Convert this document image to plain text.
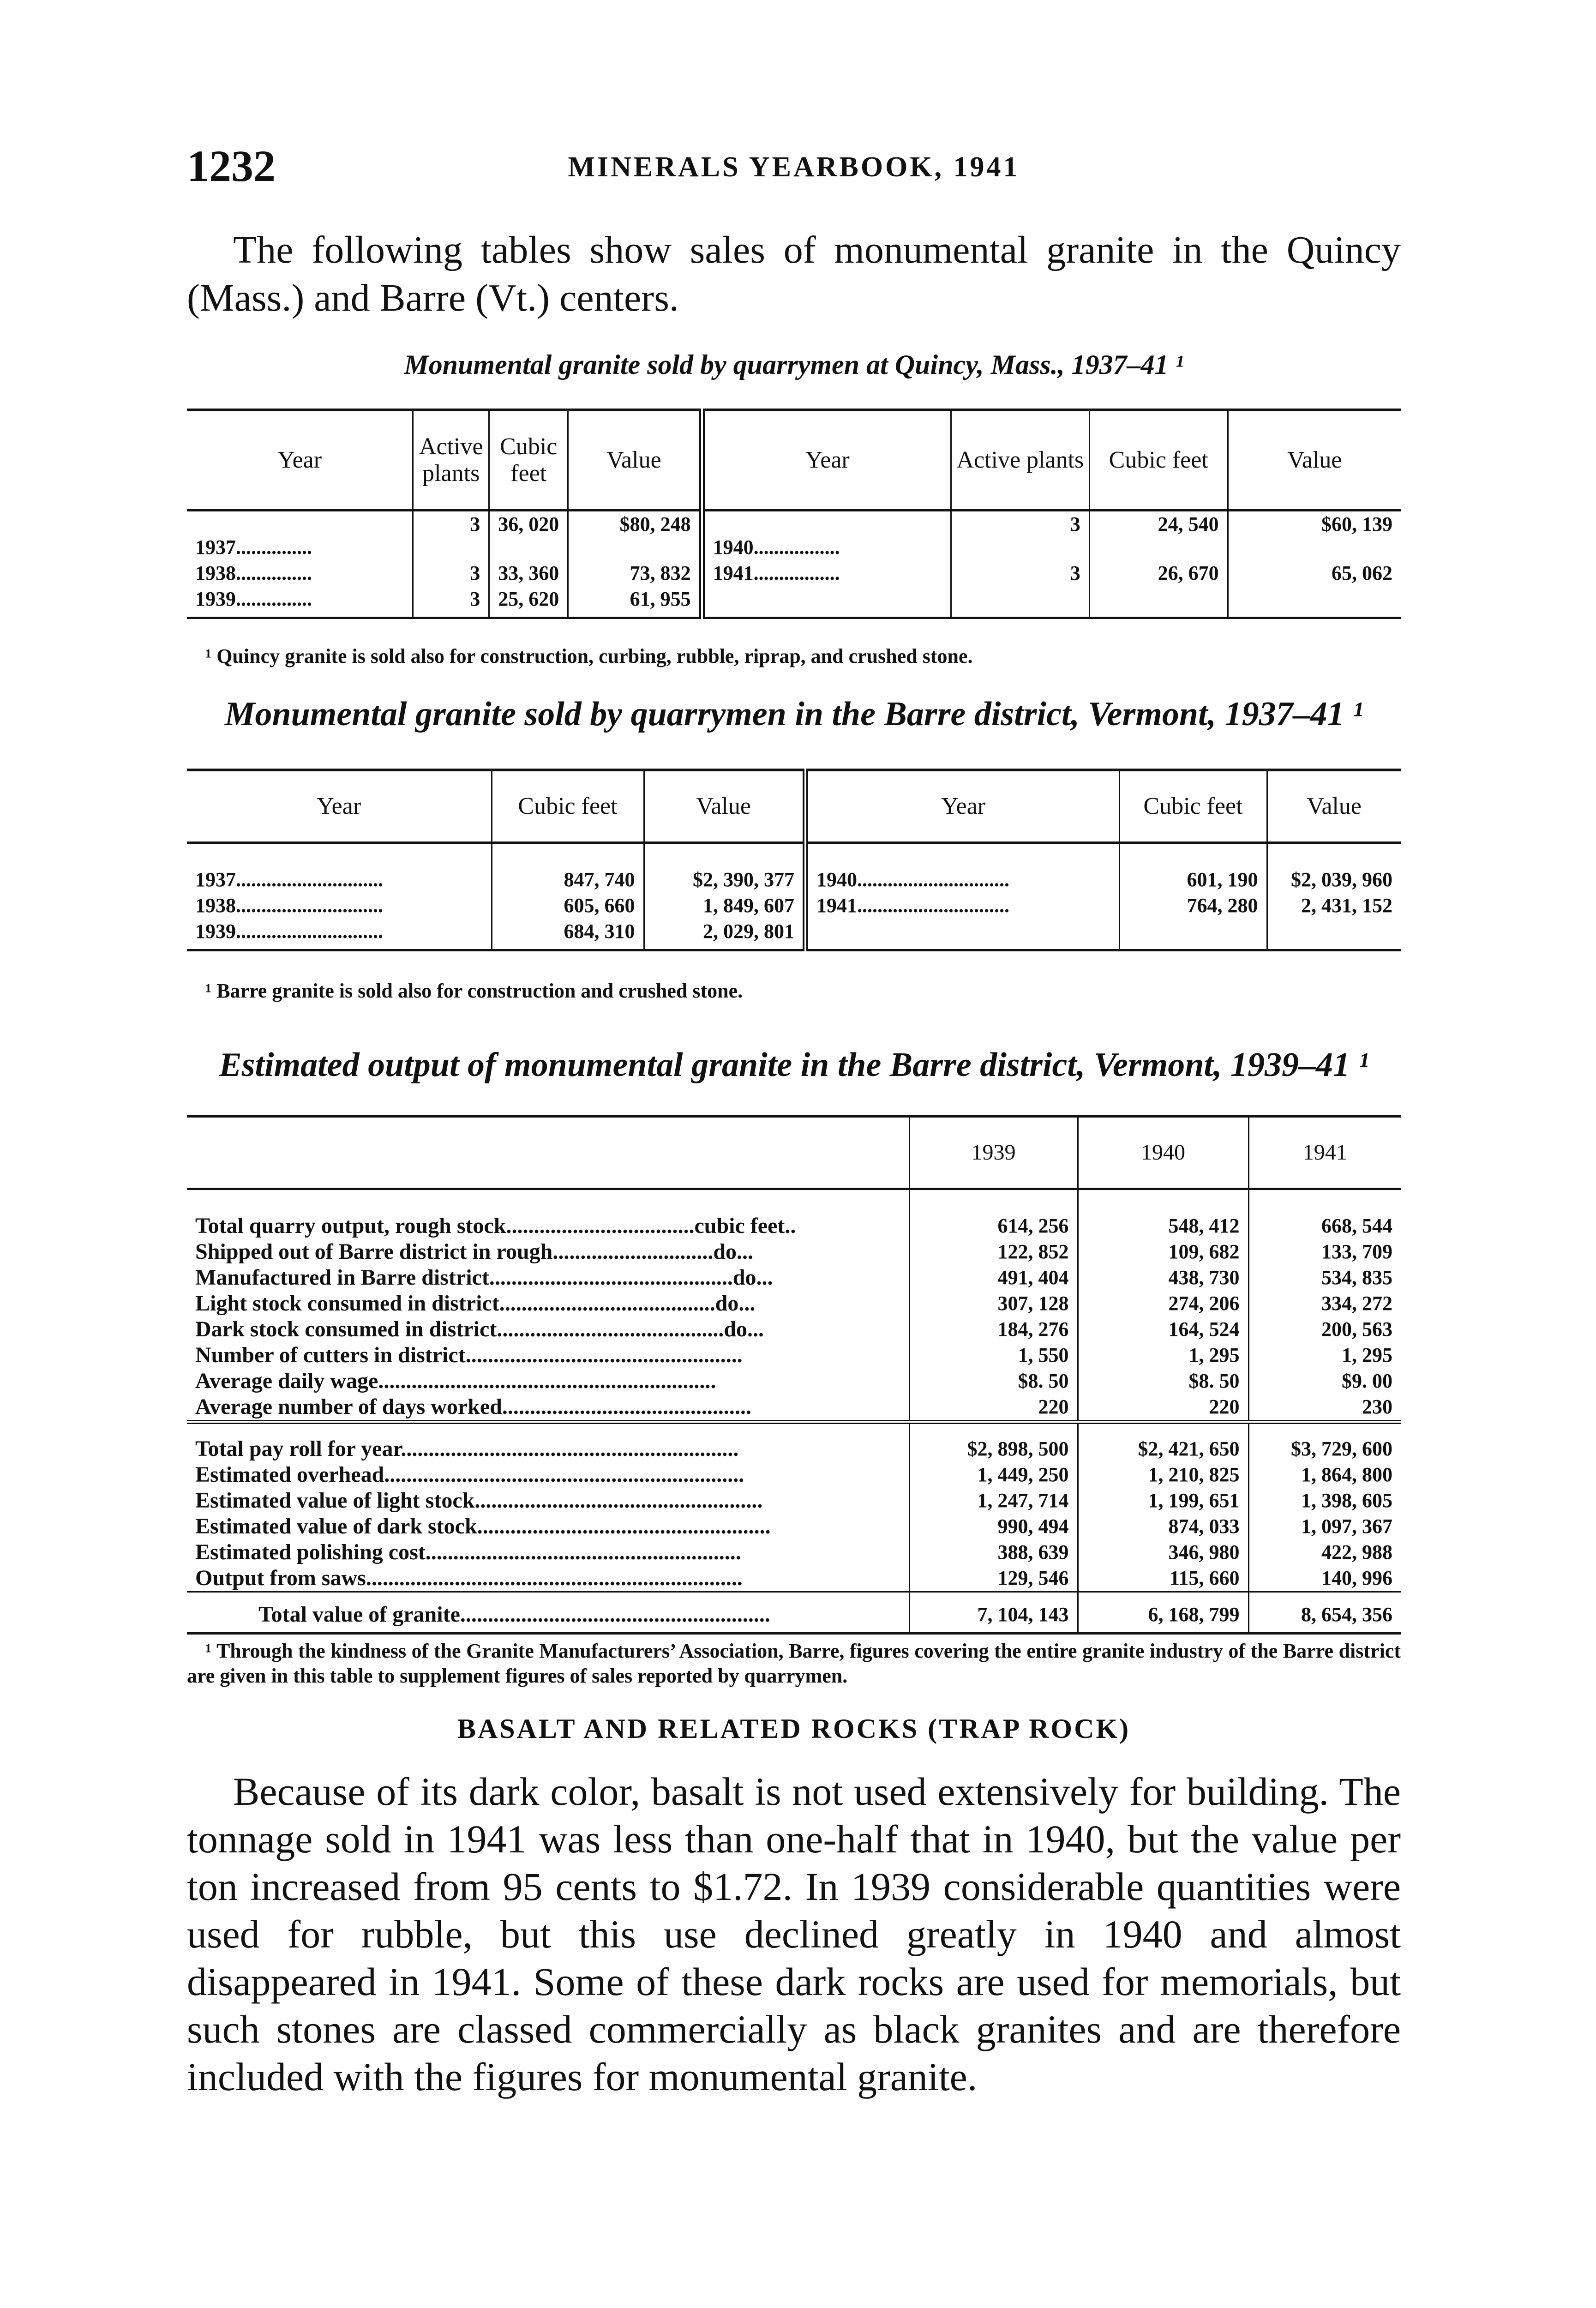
1232	MINERALS YEARBOOK, 1941

The following tables show sales of monumental granite in the Quincy (Mass.) and Barre (Vt.) centers.

Monumental granite sold by quarrymen at Quincy, Mass., 1937–41 ¹

Year	Active plants	Cubic feet	Value	Year	Active plants	Cubic feet	Value
1937...............	3	36, 020	$80, 248	1940.................	3	24, 540	$60, 139
1938...............	3	33, 360	73, 832	1941.................	3	26, 670	65, 062
1939...............	3	25, 620	61, 955				

¹ Quincy granite is sold also for construction, curbing, rubble, riprap, and crushed stone.

Monumental granite sold by quarrymen in the Barre district, Vermont, 1937–41 ¹

Year	Cubic feet	Value	Year	Cubic feet	Value
1937.............................	847, 740	$2, 390, 377	1940..............................	601, 190	$2, 039, 960
1938.............................	605, 660	1, 849, 607	1941..............................	764, 280	2, 431, 152
1939.............................	684, 310	2, 029, 801			

¹ Barre granite is sold also for construction and crushed stone.

Estimated output of monumental granite in the Barre district, Vermont, 1939–41 ¹

	1939	1940	1941
Total quarry output, rough stock..................................cubic feet..	614, 256	548, 412	668, 544
Shipped out of Barre district in rough.............................do...	122, 852	109, 682	133, 709
Manufactured in Barre district............................................do...	491, 404	438, 730	534, 835
Light stock consumed in district.......................................do...	307, 128	274, 206	334, 272
Dark stock consumed in district.........................................do...	184, 276	164, 524	200, 563
Number of cutters in district..................................................	1, 550	1, 295	1, 295
Average daily wage.............................................................	$8. 50	$8. 50	$9. 00
Average number of days worked.............................................	220	220	230
Total pay roll for year.............................................................	$2, 898, 500	$2, 421, 650	$3, 729, 600
Estimated overhead.................................................................	1, 449, 250	1, 210, 825	1, 864, 800
Estimated value of light stock....................................................	1, 247, 714	1, 199, 651	1, 398, 605
Estimated value of dark stock.....................................................	990, 494	874, 033	1, 097, 367
Estimated polishing cost.........................................................	388, 639	346, 980	422, 988
Output from saws....................................................................	129, 546	115, 660	140, 996
Total value of granite........................................................	7, 104, 143	6, 168, 799	8, 654, 356

¹ Through the kindness of the Granite Manufacturers’ Association, Barre, figures covering the entire granite industry of the Barre district are given in this table to supplement figures of sales reported by quarrymen.

BASALT AND RELATED ROCKS (TRAP ROCK)

Because of its dark color, basalt is not used extensively for building. The tonnage sold in 1941 was less than one-half that in 1940, but the value per ton increased from 95 cents to $1.72. In 1939 considerable quantities were used for rubble, but this use declined greatly in 1940 and almost disappeared in 1941. Some of these dark rocks are used for memorials, but such stones are classed commercially as black granites and are therefore included with the figures for monumental granite.
